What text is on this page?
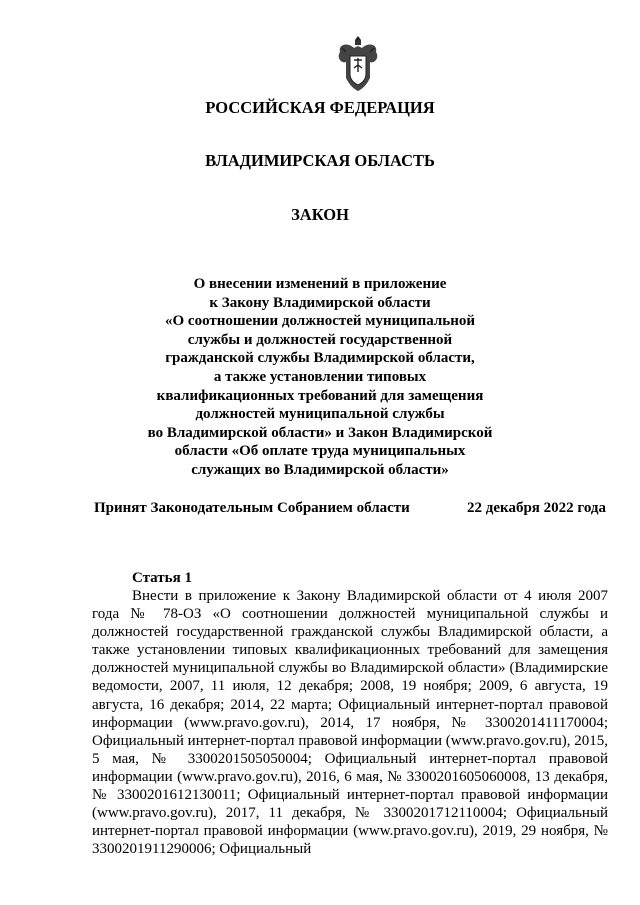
РОССИЙСКАЯ ФЕДЕРАЦИЯ
ВЛАДИМИРСКАЯ ОБЛАСТЬ
ЗАКОН
О внесении изменений в приложение
к Закону Владимирской области
«О соотношении должностей муниципальной
службы и должностей государственной
гражданской службы Владимирской области,
а также установлении типовых
квалификационных требований для замещения
должностей муниципальной службы
во Владимирской области» и Закон Владимирской
области «Об оплате труда муниципальных
служащих во Владимирской области»
Принят Законодательным Собранием области	22 декабря 2022 года
Статья 1
Внести в приложение к Закону Владимирской области от 4 июля 2007 года № 78-ОЗ «О соотношении должностей муниципальной службы и должностей государственной гражданской службы Владимирской области, а также установлении типовых квалификационных требований для замещения должностей муниципальной службы во Владимирской области» (Владимирские ведомости, 2007, 11 июля, 12 декабря; 2008, 19 ноября; 2009, 6 августа, 19 августа, 16 декабря; 2014, 22 марта; Официальный интернет-портал правовой информации (www.pravo.gov.ru), 2014, 17 ноября, № 3300201411170004; Официальный интернет-портал правовой информации (www.pravo.gov.ru), 2015, 5 мая, № 3300201505050004; Официальный интернет-портал правовой информации (www.pravo.gov.ru), 2016, 6 мая, № 3300201605060008, 13 декабря, № 3300201612130011; Официальный интернет-портал правовой информации (www.pravo.gov.ru), 2017, 11 декабря, № 3300201712110004; Официальный интернет-портал правовой информации (www.pravo.gov.ru), 2019, 29 ноября, № 3300201911290006; Официальный
